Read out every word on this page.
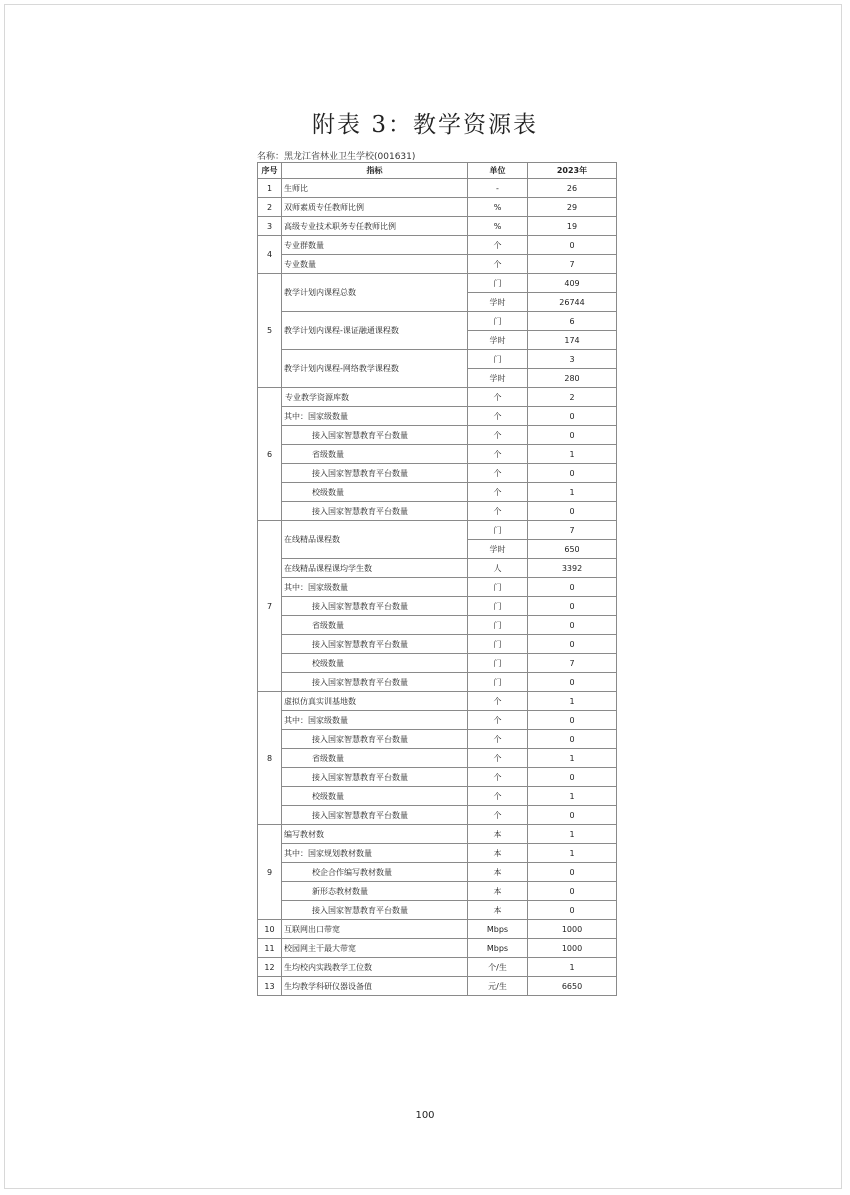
附表 3：教学资源表
名称：黑龙江省林业卫生学校(001631)
序号	指标	单位	2023年
1	生师比	-	26
2	双师素质专任教师比例	%	29
3	高级专业技术职务专任教师比例	%	19
4	专业群数量	个	0
	专业数量	个	7
5	教学计划内课程总数	门	409
		学时	26744
	教学计划内课程-课证融通课程数	门	6
		学时	174
	教学计划内课程-网络教学课程数	门	3
		学时	280
6	专业教学资源库数	个	2
	其中：国家级数量	个	0
	接入国家智慧教育平台数量	个	0
	省级数量	个	1
	接入国家智慧教育平台数量	个	0
	校级数量	个	1
	接入国家智慧教育平台数量	个	0
7	在线精品课程数	门	7
		学时	650
	在线精品课程课均学生数	人	3392
	其中：国家级数量	门	0
	接入国家智慧教育平台数量	门	0
	省级数量	门	0
	接入国家智慧教育平台数量	门	0
	校级数量	门	7
	接入国家智慧教育平台数量	门	0
8	虚拟仿真实训基地数	个	1
	其中：国家级数量	个	0
	接入国家智慧教育平台数量	个	0
	省级数量	个	1
	接入国家智慧教育平台数量	个	0
	校级数量	个	1
	接入国家智慧教育平台数量	个	0
9	编写教材数	本	1
	其中：国家规划教材数量	本	1
	校企合作编写教材数量	本	0
	新形态教材数量	本	0
	接入国家智慧教育平台数量	本	0
10	互联网出口带宽	Mbps	1000
11	校园网主干最大带宽	Mbps	1000
12	生均校内实践教学工位数	个/生	1
13	生均教学科研仪器设备值	元/生	6650
100
